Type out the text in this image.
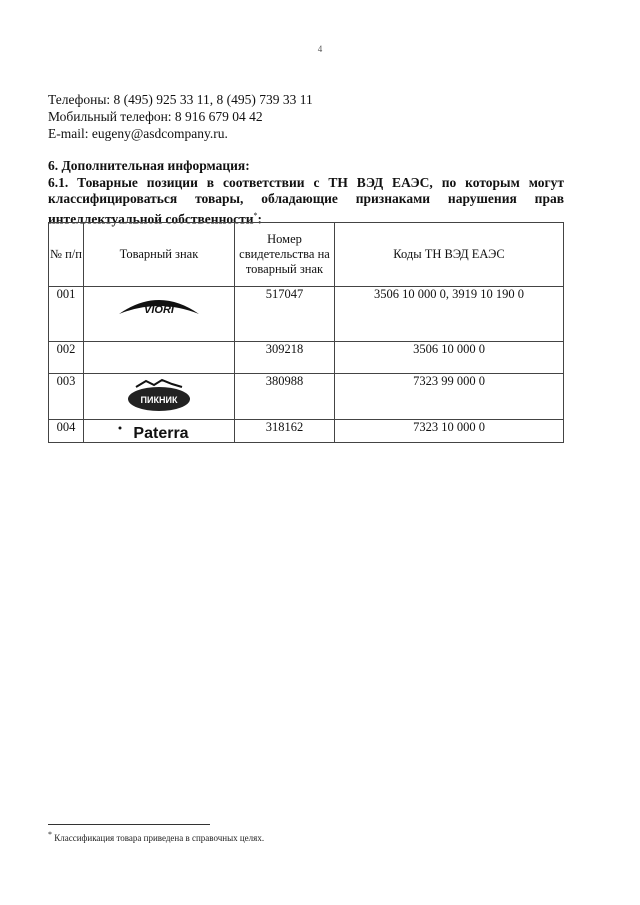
4
Телефоны: 8 (495) 925 33 11, 8 (495) 739 33 11
Мобильный телефон: 8 916 679 04 42
E-mail: eugeny@asdcompany.ru.
6. Дополнительная информация:
6.1. Товарные позиции в соответствии с ТН ВЭД ЕАЭС, по которым могут классифицироваться товары, обладающие признаками нарушения прав интеллектуальной собственности*:
№ п/п	Товарный знак	Номер свидетельства на товарный знак	Коды ТН ВЭД ЕАЭС
001	VIORI	517047	3506 10 000 0, 3919 10 190 0
002		309218	3506 10 000 0
003	ПИКНИК	380988	7323 99 000 0
004	Paterra	318162	7323 10 000 0
* Классификация товара приведена в справочных целях.
